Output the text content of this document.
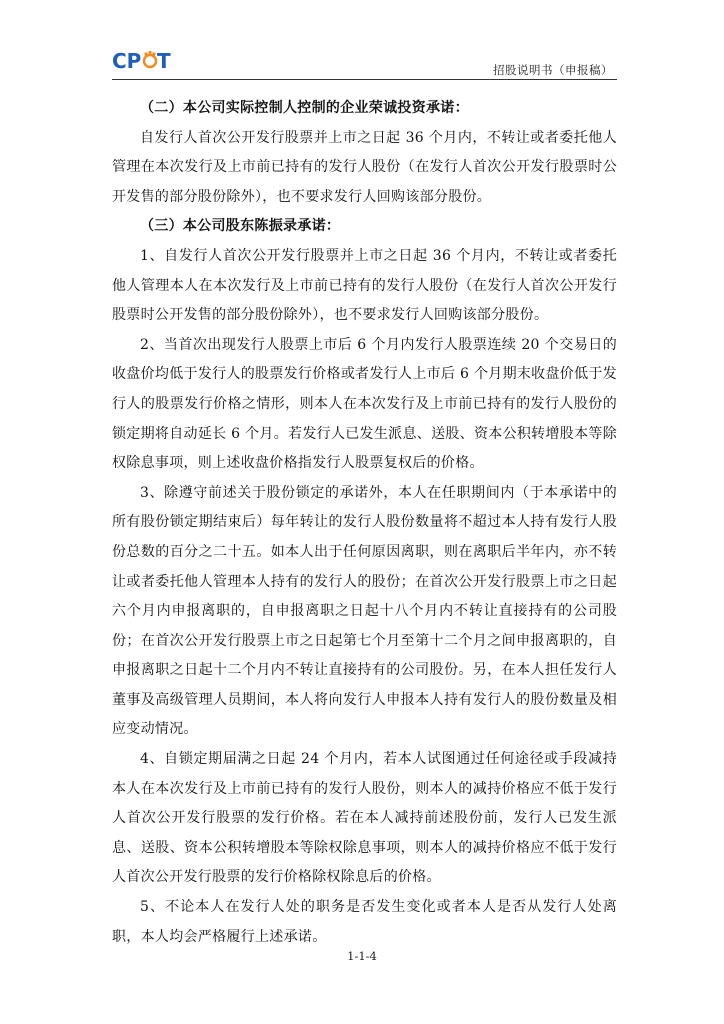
CP T	招股说明书（申报稿）

（二）本公司实际控制人控制的企业荣诚投资承诺：

自发行人首次公开发行股票并上市之日起 36 个月内，不转让或者委托他人管理在本次发行及上市前已持有的发行人股份（在发行人首次公开发行股票时公开发售的部分股份除外），也不要求发行人回购该部分股份。

（三）本公司股东陈振录承诺：

1、自发行人首次公开发行股票并上市之日起 36 个月内，不转让或者委托他人管理本人在本次发行及上市前已持有的发行人股份（在发行人首次公开发行股票时公开发售的部分股份除外），也不要求发行人回购该部分股份。

2、当首次出现发行人股票上市后 6 个月内发行人股票连续 20 个交易日的收盘价均低于发行人的股票发行价格或者发行人上市后 6 个月期末收盘价低于发行人的股票发行价格之情形，则本人在本次发行及上市前已持有的发行人股份的锁定期将自动延长 6 个月。若发行人已发生派息、送股、资本公积转增股本等除权除息事项，则上述收盘价格指发行人股票复权后的价格。

3、除遵守前述关于股份锁定的承诺外，本人在任职期间内（于本承诺中的所有股份锁定期结束后）每年转让的发行人股份数量将不超过本人持有发行人股份总数的百分之二十五。如本人出于任何原因离职，则在离职后半年内，亦不转让或者委托他人管理本人持有的发行人的股份；在首次公开发行股票上市之日起六个月内申报离职的，自申报离职之日起十八个月内不转让直接持有的公司股份；在首次公开发行股票上市之日起第七个月至第十二个月之间申报离职的，自申报离职之日起十二个月内不转让直接持有的公司股份。另，在本人担任发行人董事及高级管理人员期间，本人将向发行人申报本人持有发行人的股份数量及相应变动情况。

4、自锁定期届满之日起 24 个月内，若本人试图通过任何途径或手段减持本人在本次发行及上市前已持有的发行人股份，则本人的减持价格应不低于发行人首次公开发行股票的发行价格。若在本人减持前述股份前，发行人已发生派息、送股、资本公积转增股本等除权除息事项，则本人的减持价格应不低于发行人首次公开发行股票的发行价格除权除息后的价格。

5、不论本人在发行人处的职务是否发生变化或者本人是否从发行人处离职，本人均会严格履行上述承诺。

1-1-4
